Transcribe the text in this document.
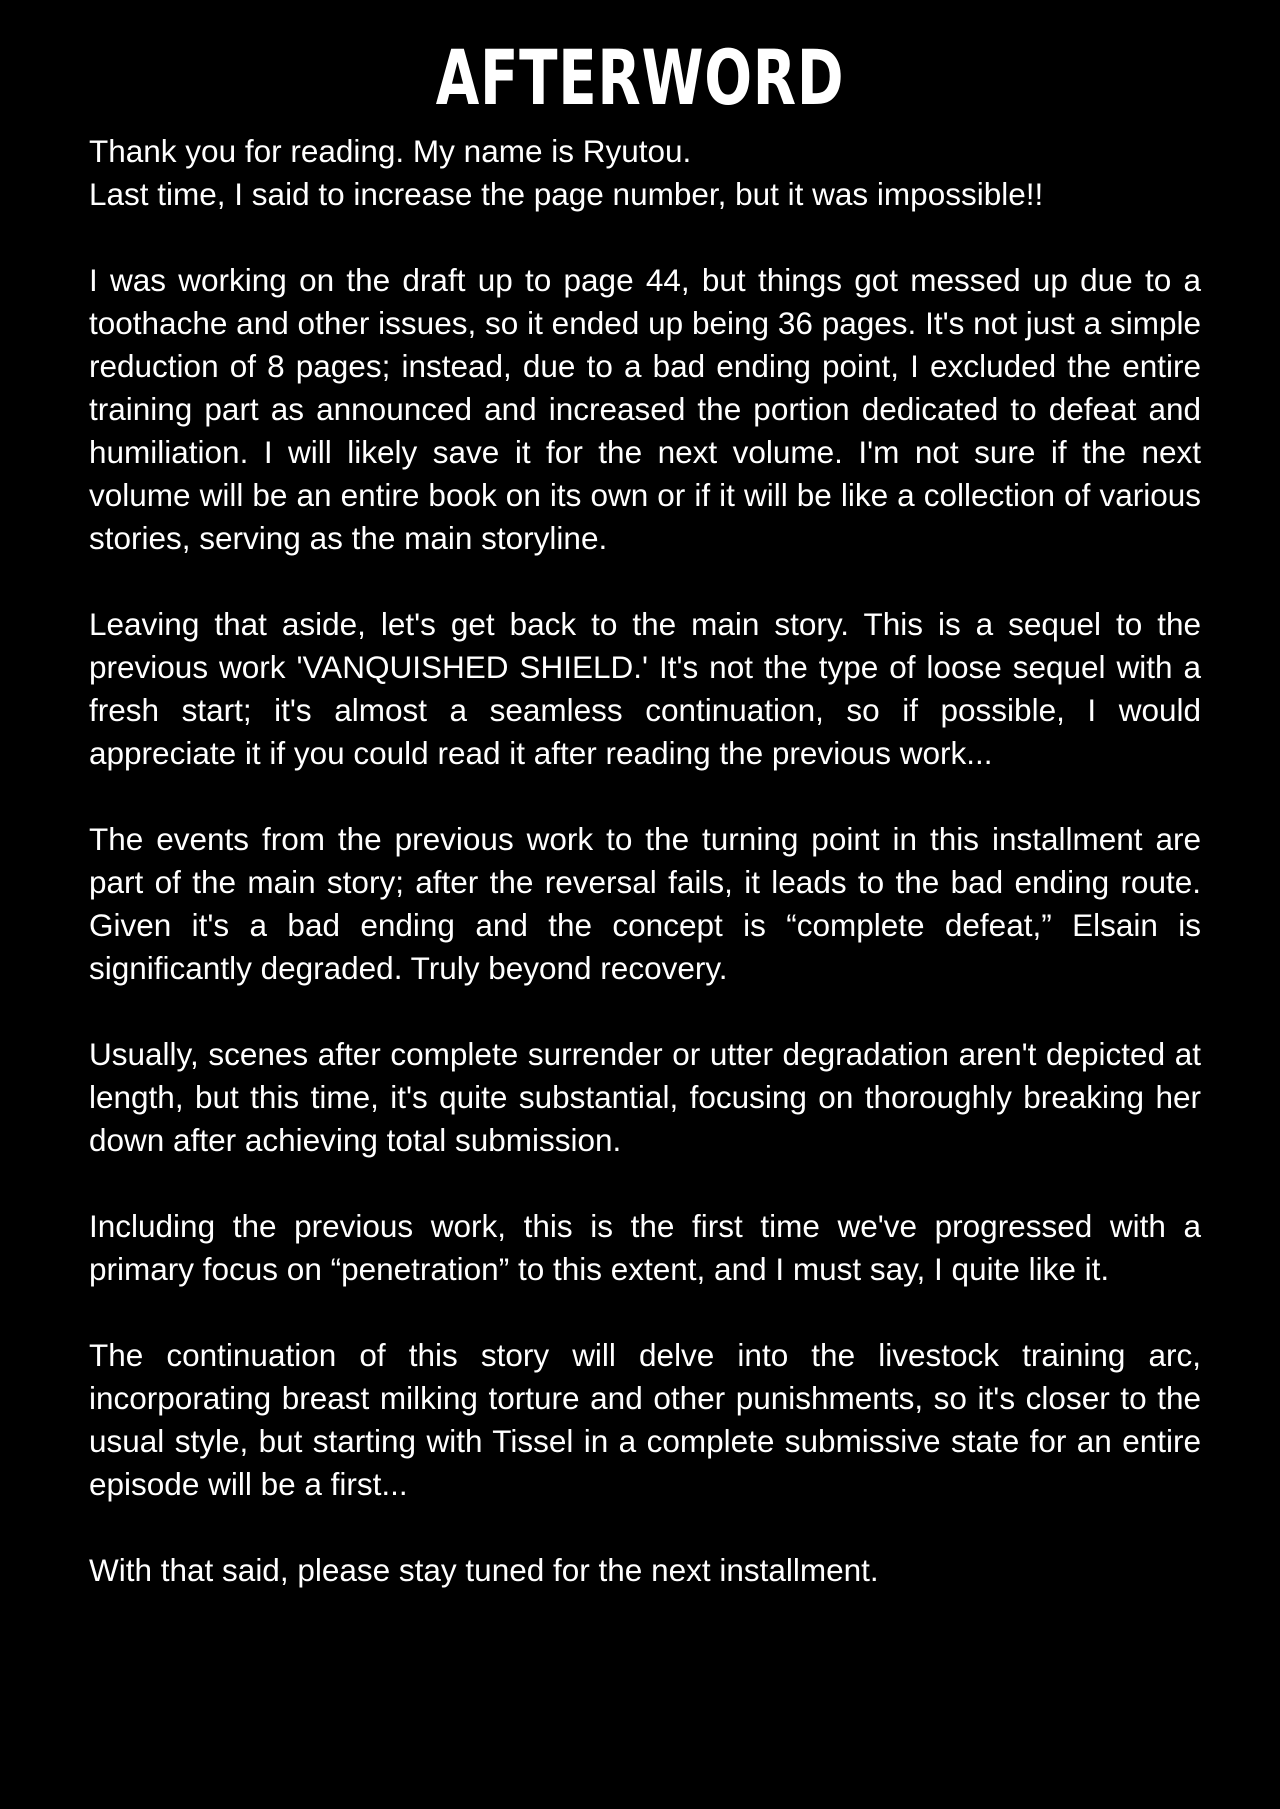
AFTERWORD

Thank you for reading. My name is Ryutou.
Last time, I said to increase the page number, but it was impossible!!

I was working on the draft up to page 44, but things got messed up due to a toothache and other issues, so it ended up being 36 pages. It's not just a simple reduction of 8 pages; instead, due to a bad ending point, I excluded the entire training part as announced and increased the portion dedicated to defeat and humiliation. I will likely save it for the next volume. I'm not sure if the next volume will be an entire book on its own or if it will be like a collection of various stories, serving as the main storyline.

Leaving that aside, let's get back to the main story. This is a sequel to the previous work 'VANQUISHED SHIELD.' It's not the type of loose sequel with a fresh start; it's almost a seamless continuation, so if possible, I would appreciate it if you could read it after reading the previous work...

The events from the previous work to the turning point in this installment are part of the main story; after the reversal fails, it leads to the bad ending route. Given it's a bad ending and the concept is “complete defeat,” Elsain is significantly degraded. Truly beyond recovery.

Usually, scenes after complete surrender or utter degradation aren't depicted at length, but this time, it's quite substantial, focusing on thoroughly breaking her down after achieving total submission.

Including the previous work, this is the first time we've progressed with a primary focus on “penetration” to this extent, and I must say, I quite like it.

The continuation of this story will delve into the livestock training arc, incorporating breast milking torture and other punishments, so it's closer to the usual style, but starting with Tissel in a complete submissive state for an entire episode will be a first...

With that said, please stay tuned for the next installment.
